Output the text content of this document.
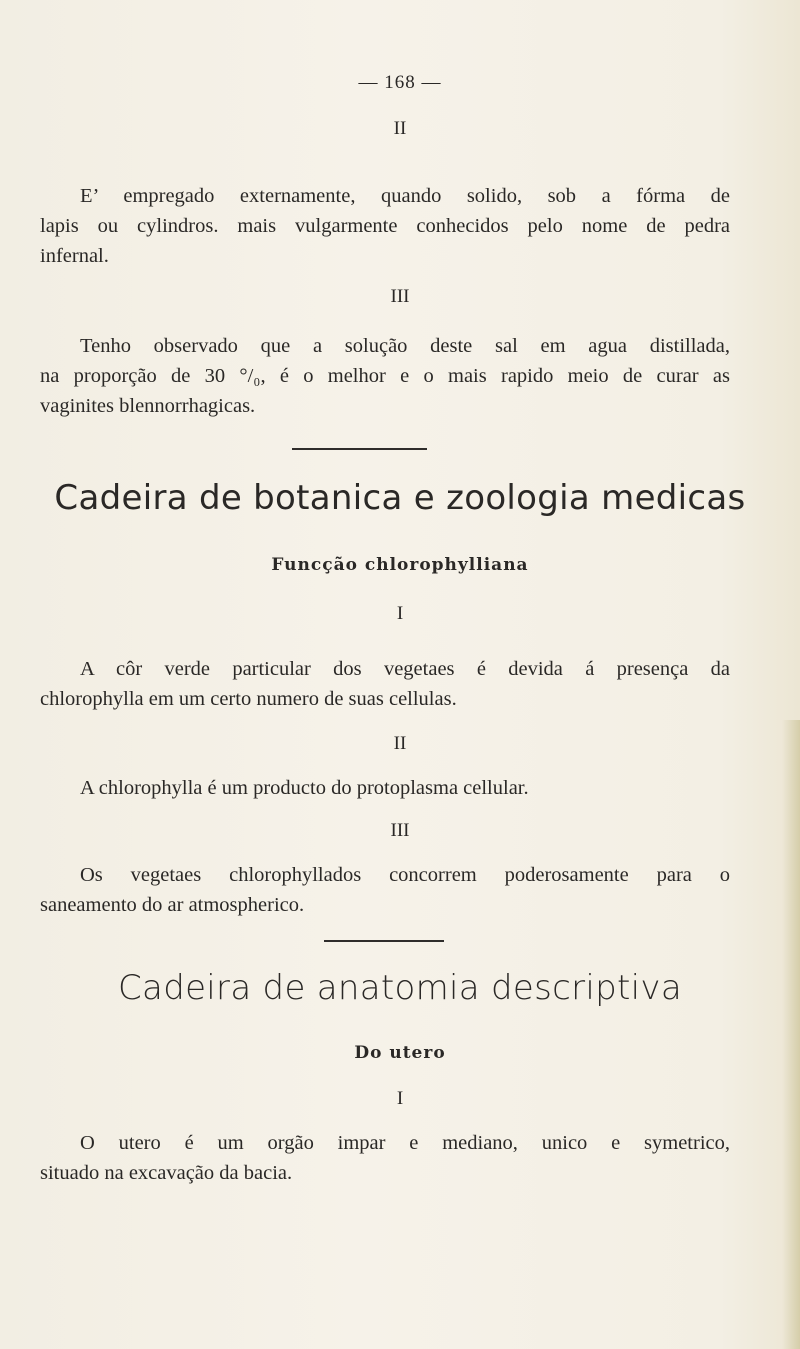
— 168 —
II
E’ empregado externamente, quando solido, sob a fórma de
lapis ou cylindros. mais vulgarmente conhecidos pelo nome de pedra
infernal.
III
Tenho observado que a solução deste sal em agua distillada,
na proporção de 30 °/₀, é o melhor e o mais rapido meio de curar as
vaginites blennorrhagicas.
Cadeira de botanica e zoologia medicas
Funcção chlorophylliana
I
A côr verde particular dos vegetaes é devida á presença da
chlorophylla em um certo numero de suas cellulas.
II
A chlorophylla é um producto do protoplasma cellular.
III
Os vegetaes chlorophyllados concorrem poderosamente para o
saneamento do ar atmospherico.
Cadeira de anatomia descriptiva
Do utero
I
O utero é um orgão impar e mediano, unico e symetrico,
situado na excavação da bacia.
